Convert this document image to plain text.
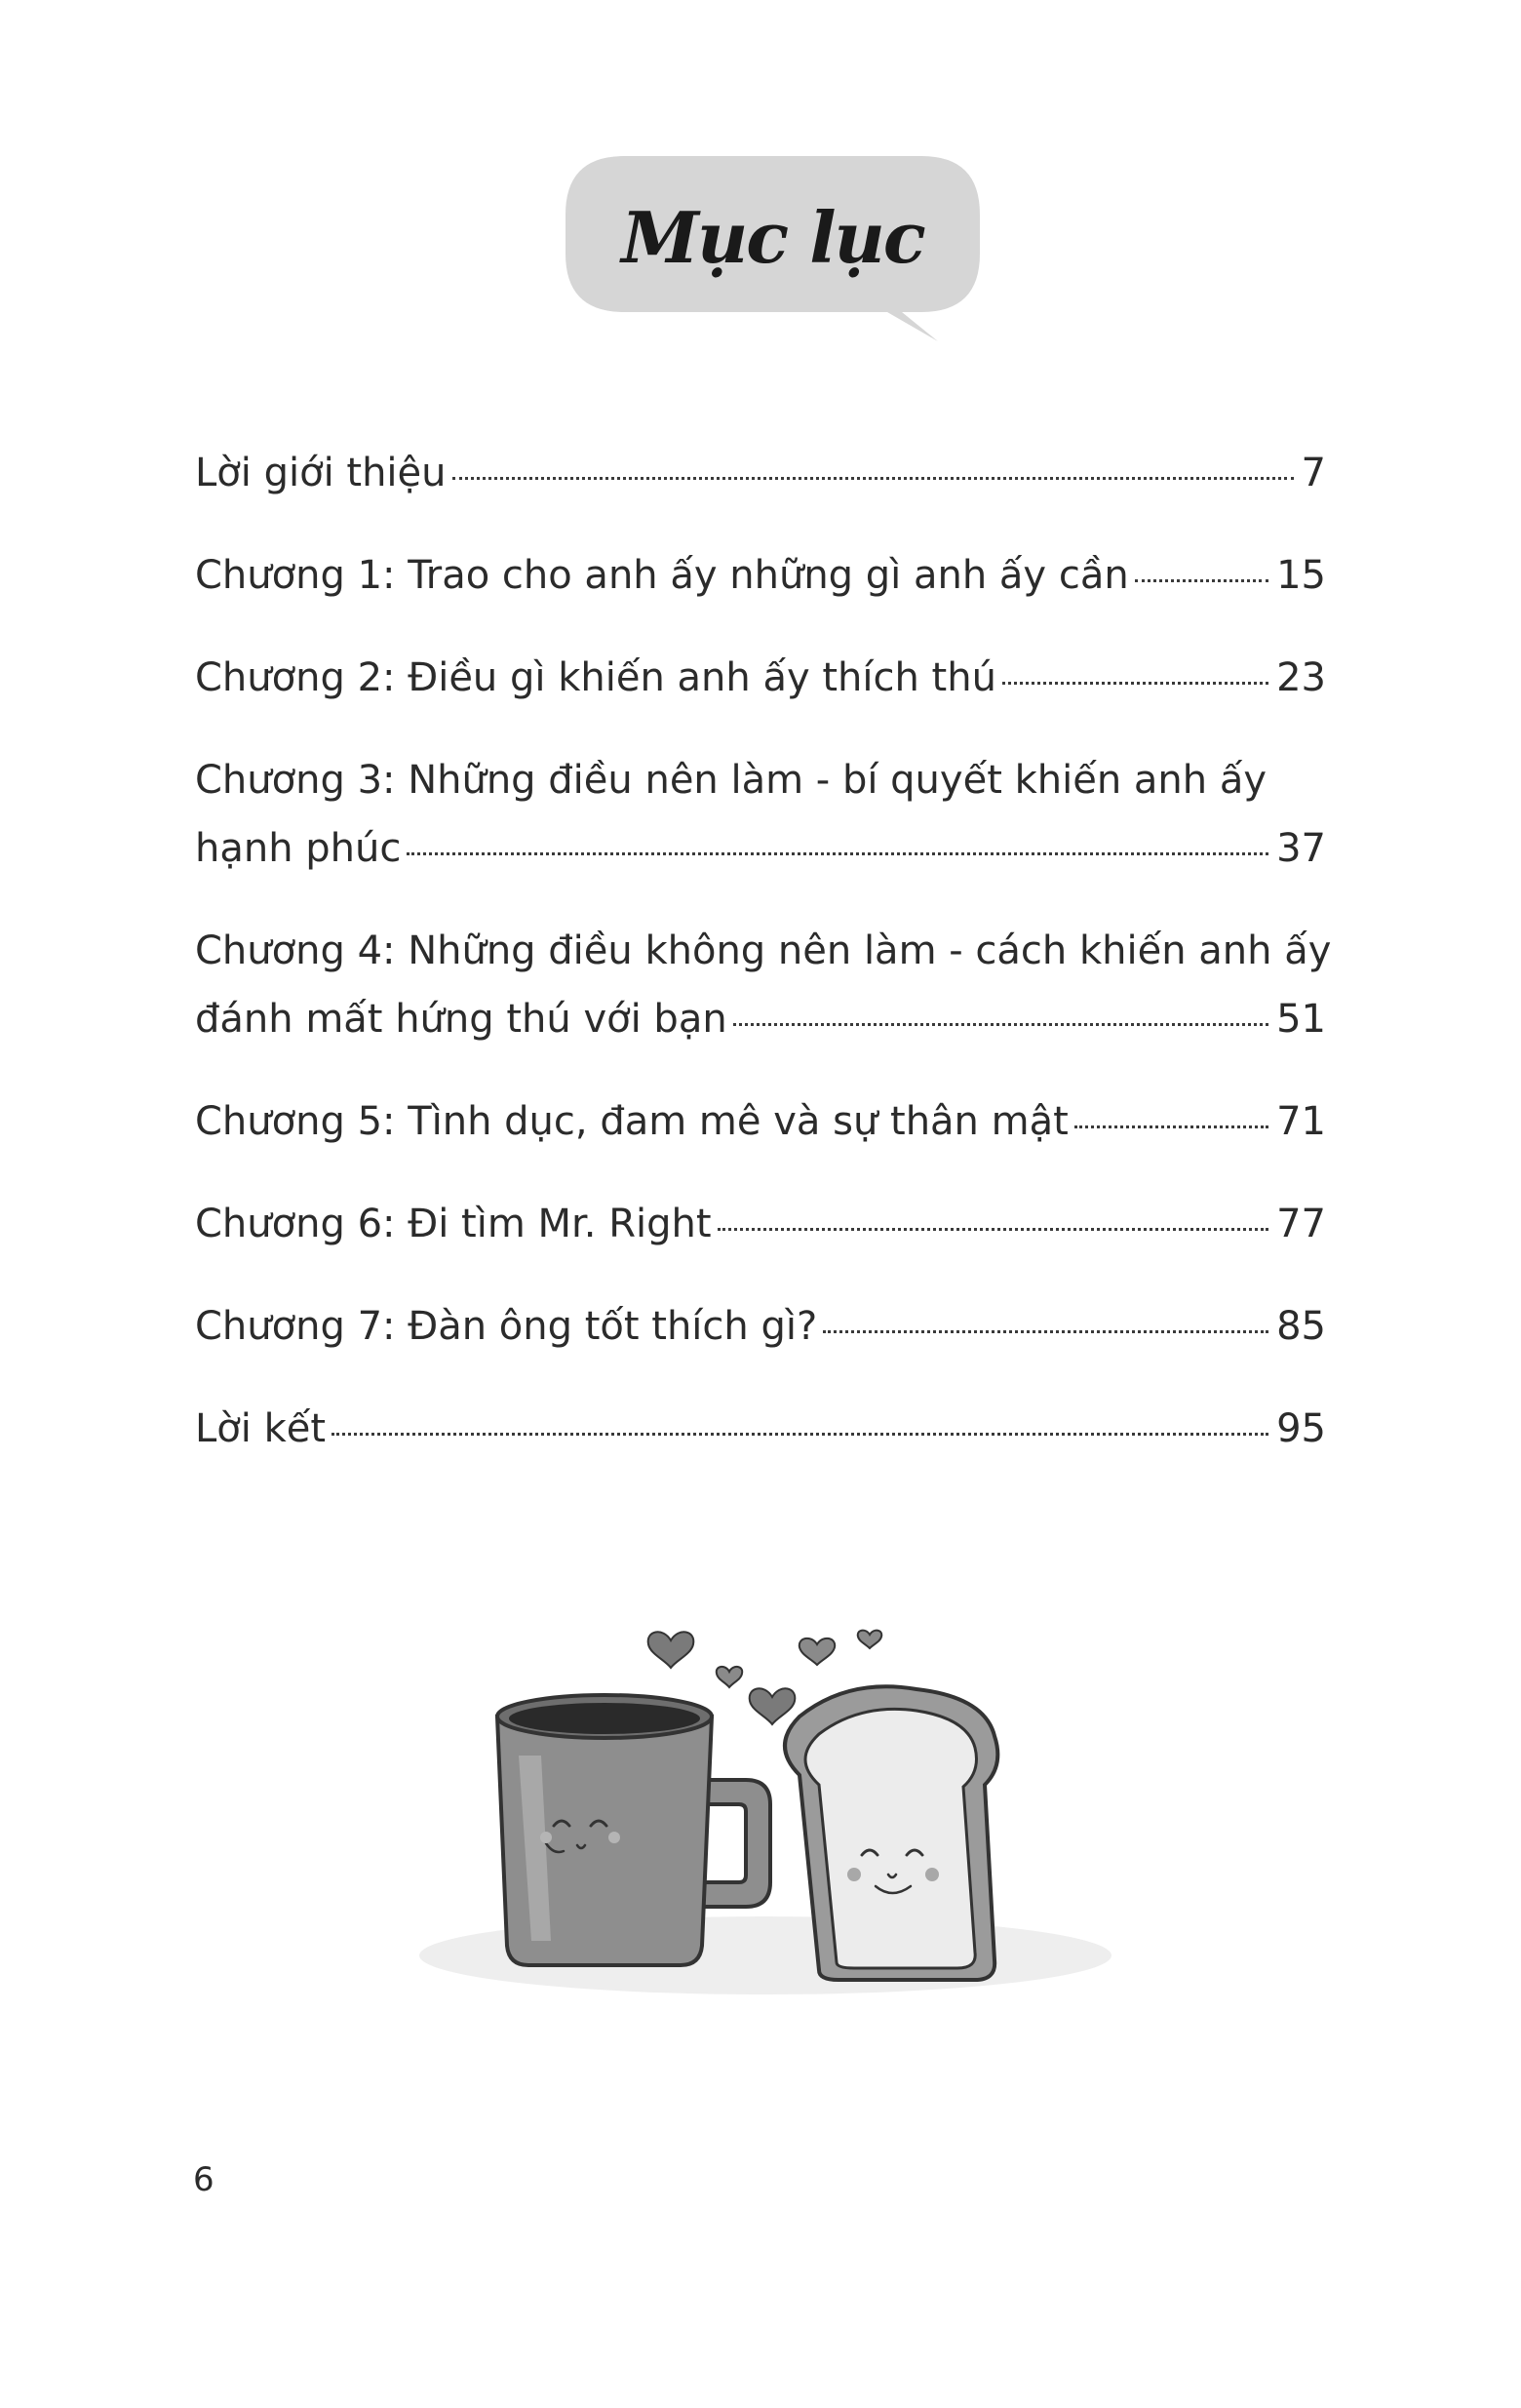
Mục lục
Lời giới thiệu	7
Chương 1: Trao cho anh ấy những gì anh ấy cần	15
Chương 2: Điều gì khiến anh ấy thích thú	23
Chương 3: Những điều nên làm - bí quyết khiến anh ấy
hạnh phúc	37
Chương 4: Những điều không nên làm - cách khiến anh ấy
đánh mất hứng thú với bạn	51
Chương 5: Tình dục, đam mê và sự thân mật	71
Chương 6: Đi tìm Mr. Right	77
Chương 7: Đàn ông tốt thích gì?	85
Lời kết	95
6
